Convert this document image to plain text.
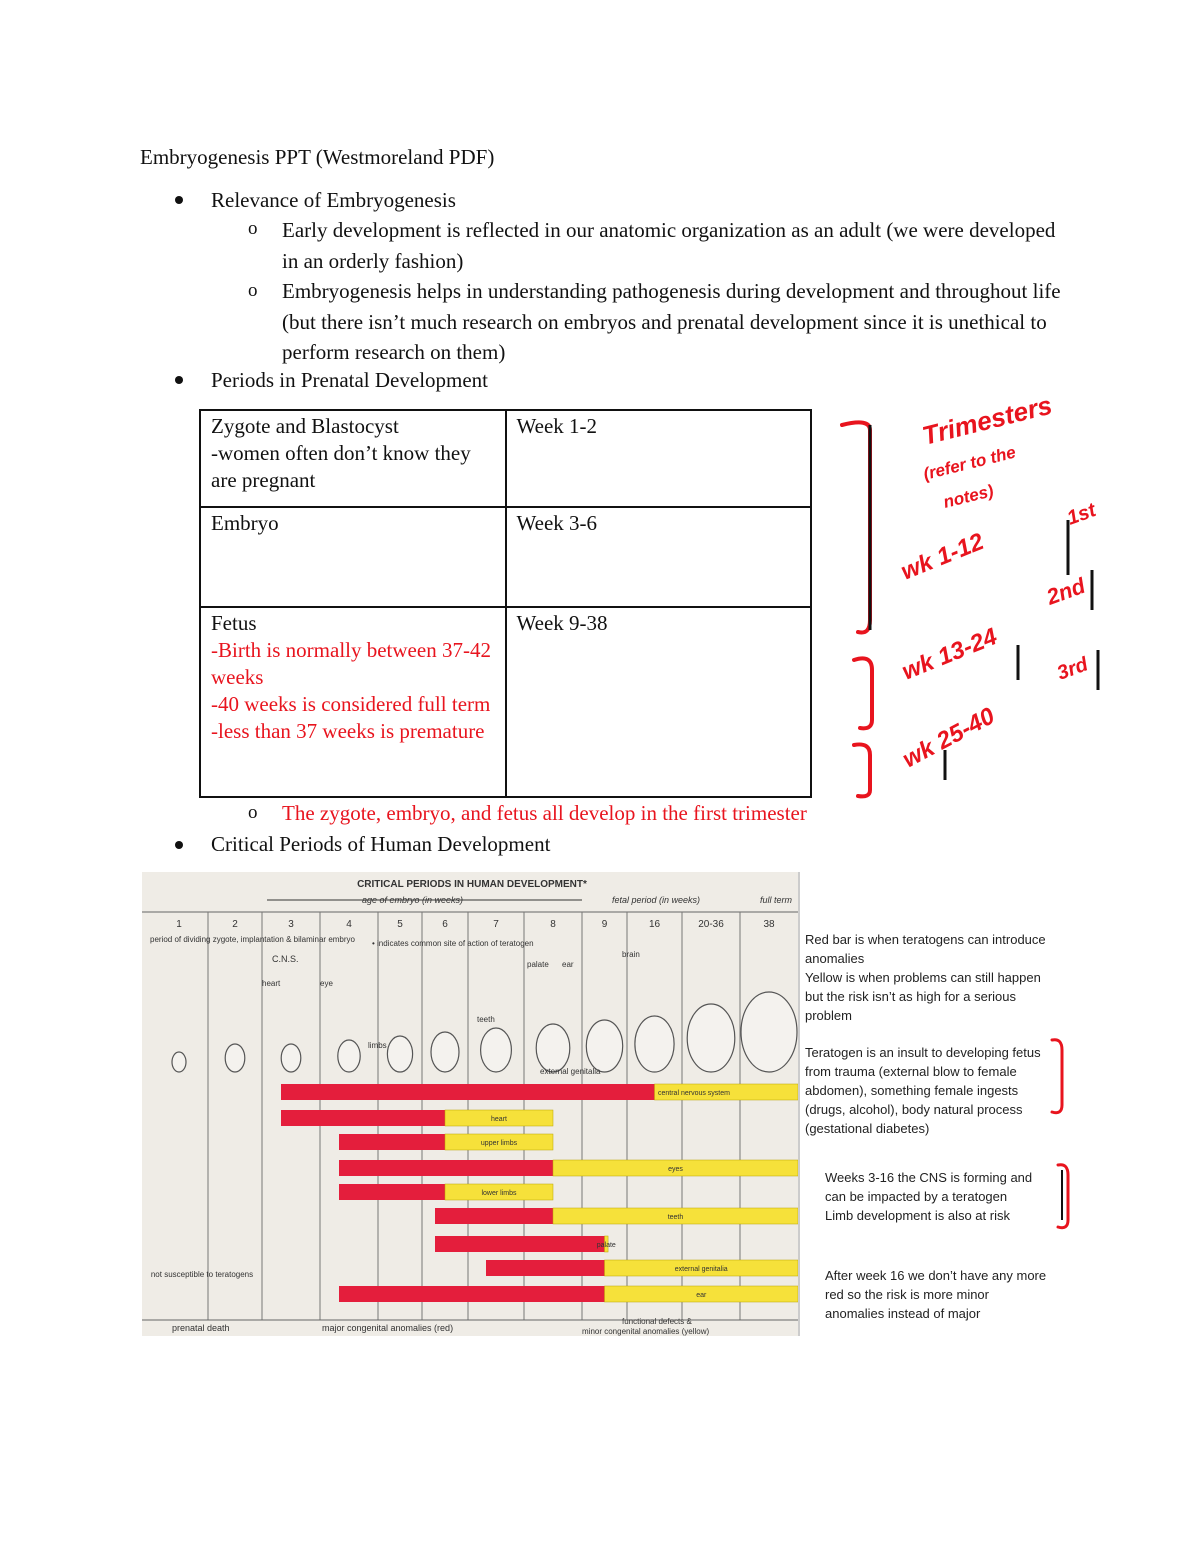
Embryogenesis PPT (Westmoreland PDF)
Relevance of Embryogenesis
o Early development is reflected in our anatomic organization as an adult (we were developed in an orderly fashion)
o Embryogenesis helps in understanding pathogenesis during development and throughout life (but there isn’t much research on embryos and prenatal development since it is unethical to perform research on them)
Periods in Prenatal Development
Zygote and Blastocyst
-women often don’t know they are pregnant	Week 1-2
Embryo	Week 3-6

Fetus
-Birth is normally between 37-42 weeks
-40 weeks is considered full term
-less than 37 weeks is premature	Week 9-38
o The zygote, embryo, and fetus all develop in the first trimester
Critical Periods of Human Development
Trimesters
(refer to the
notes)
wk 1-12
wk 13-24
wk 25-40
1st
2nd
3rd
CRITICAL PERIODS IN HUMAN DEVELOPMENT*
age of embryo (in weeks)	fetal period (in weeks)	full term
1	2	3	4	5	6	7	8	9	16	20-36	38
central nervous system
heart
upper limbs
eyes
lower limbs
teeth
palate
external genitalia
ear
period of dividing zygote, implantation & bilaminar embryo • indicates common site of action of teratogen
C.N.S.
heart	eye
ear
palate
brain
teeth
limbs
external genitalia
not susceptible to teratogens
prenatal death	major congenital anomalies (red)
functional defects &
minor congenital anomalies (yellow)
Red bar is when teratogens can introduce anomalies
Yellow is when problems can still happen but the risk isn’t as high for a serious problem
Teratogen is an insult to developing fetus from trauma (external blow to female abdomen), something female ingests (drugs, alcohol), body natural process (gestational diabetes)
Weeks 3-16 the CNS is forming and can be impacted by a teratogen
Limb development is also at risk
After week 16 we don’t have any more red so the risk is more minor anomalies instead of major
